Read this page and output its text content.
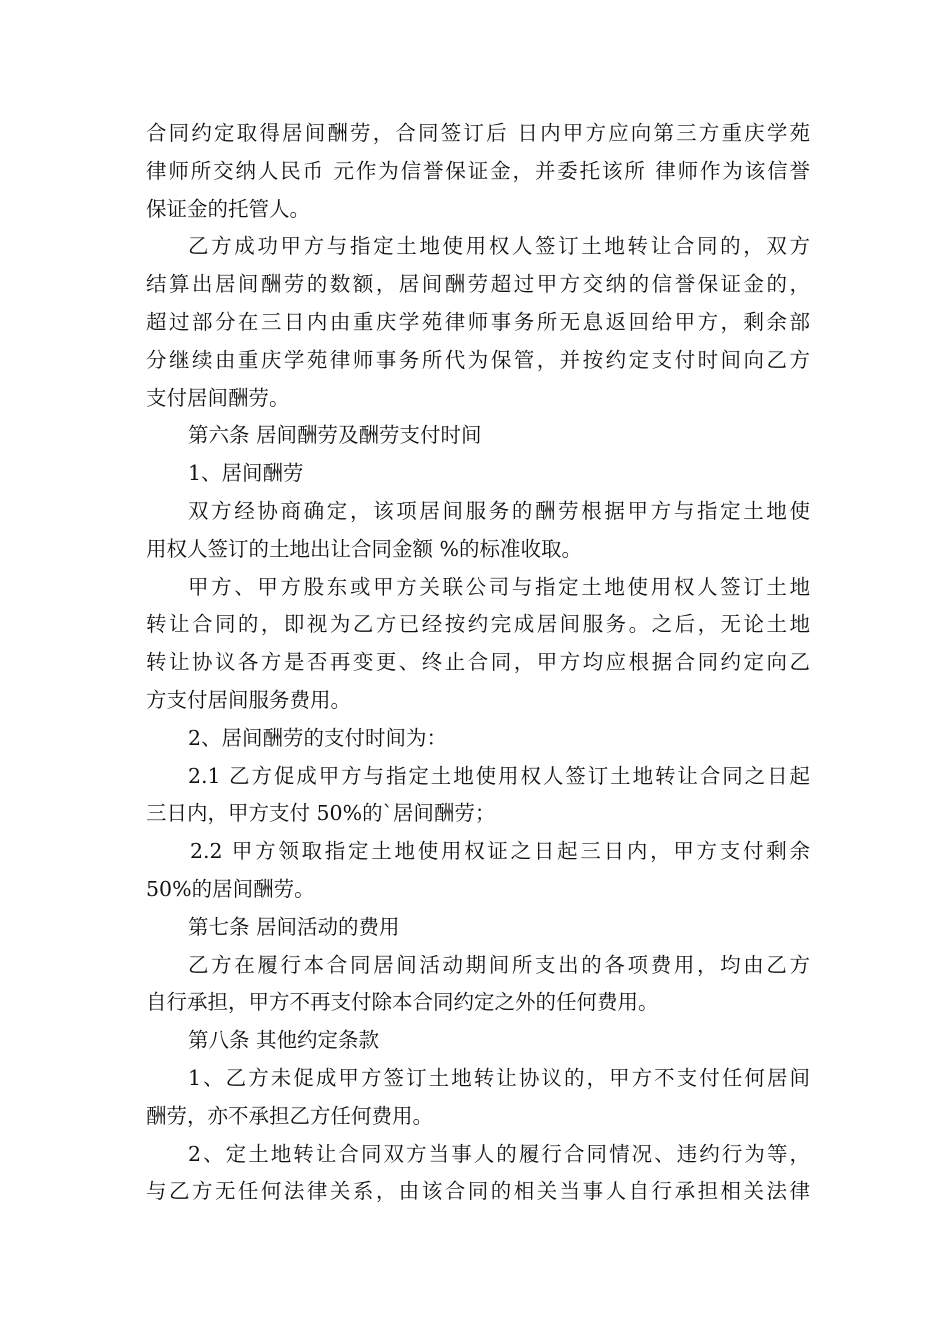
合同约定取得居间酬劳，合同签订后 日内甲方应向第三方重庆学苑
律师所交纳人民币 元作为信誉保证金，并委托该所 律师作为该信誉
保证金的托管人。
乙方成功甲方与指定土地使用权人签订土地转让合同的，双方
结算出居间酬劳的数额，居间酬劳超过甲方交纳的信誉保证金的，
超过部分在三日内由重庆学苑律师事务所无息返回给甲方，剩余部
分继续由重庆学苑律师事务所代为保管，并按约定支付时间向乙方
支付居间酬劳。
第六条 居间酬劳及酬劳支付时间
1、居间酬劳
双方经协商确定，该项居间服务的酬劳根据甲方与指定土地使
用权人签订的土地出让合同金额 %的标准收取。
甲方、甲方股东或甲方关联公司与指定土地使用权人签订土地
转让合同的，即视为乙方已经按约完成居间服务。之后，无论土地
转让协议各方是否再变更、终止合同，甲方均应根据合同约定向乙
方支付居间服务费用。
2、居间酬劳的支付时间为：
2.1 乙方促成甲方与指定土地使用权人签订土地转让合同之日起
三日内，甲方支付 50%的`居间酬劳；
2.2 甲方领取指定土地使用权证之日起三日内，甲方支付剩余
50%的居间酬劳。
第七条 居间活动的费用
乙方在履行本合同居间活动期间所支出的各项费用，均由乙方
自行承担，甲方不再支付除本合同约定之外的任何费用。
第八条 其他约定条款
1、乙方未促成甲方签订土地转让协议的，甲方不支付任何居间
酬劳，亦不承担乙方任何费用。
2、定土地转让合同双方当事人的履行合同情况、违约行为等，
与乙方无任何法律关系，由该合同的相关当事人自行承担相关法律
